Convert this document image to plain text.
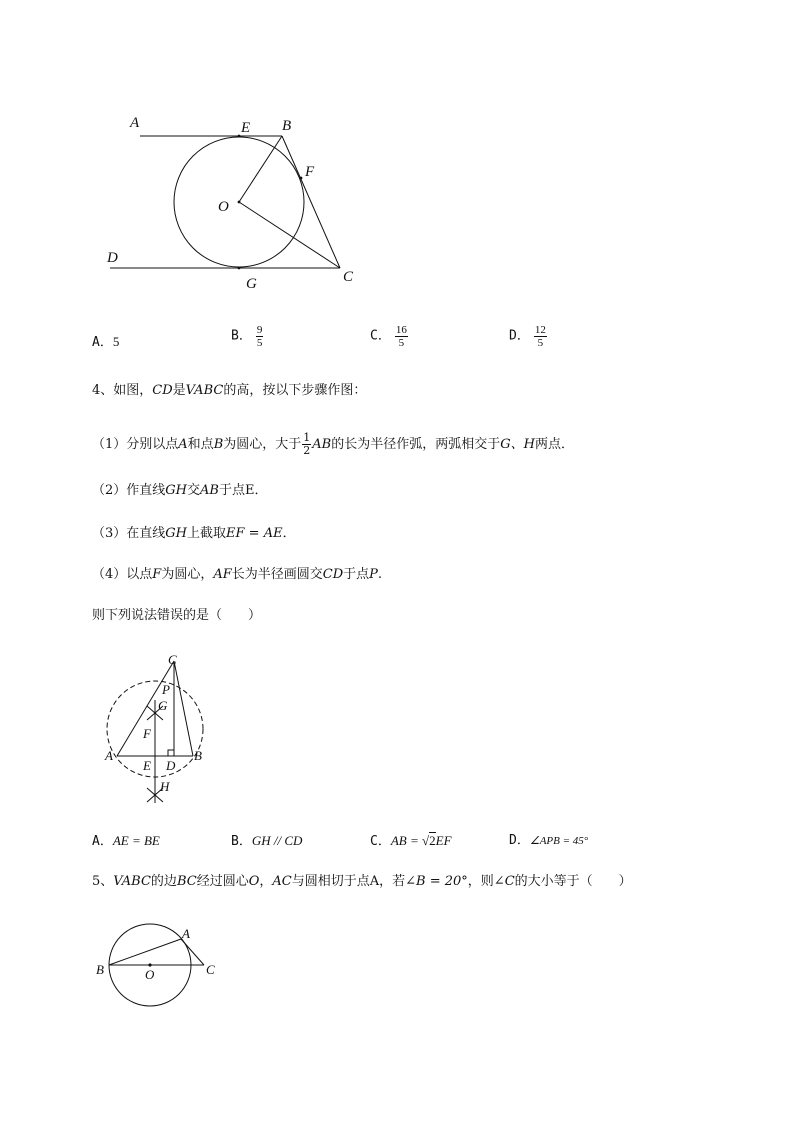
A	E B
F
O
D
G	C
A．5	B． $\frac{9}{5}$	C． $\frac{16}{5}$	D． $\frac{12}{5}$
4、如图，CD是VABC的高，按以下步骤作图：
（1）分别以点A和点B为圆心，大于 $\frac{1}{2}$ AB的长为半径作弧，两弧相交于G、H两点．
（2）作直线GH交AB于点E．
（3）在直线GH上截取EF = AE．
（4）以点F为圆心，AF长为半径画圆交CD于点P.
则下列说法错误的是（　　）
C
P
G
F
A
E D
B
H
A．AE = BE	B．GH // CD	C．AB = √2EF	D．∠APB = 45°
5、VABC的边BC经过圆心O，AC与圆相切于点A，若∠B = 20°，则∠C的大小等于（　　）
A
B	O	C
